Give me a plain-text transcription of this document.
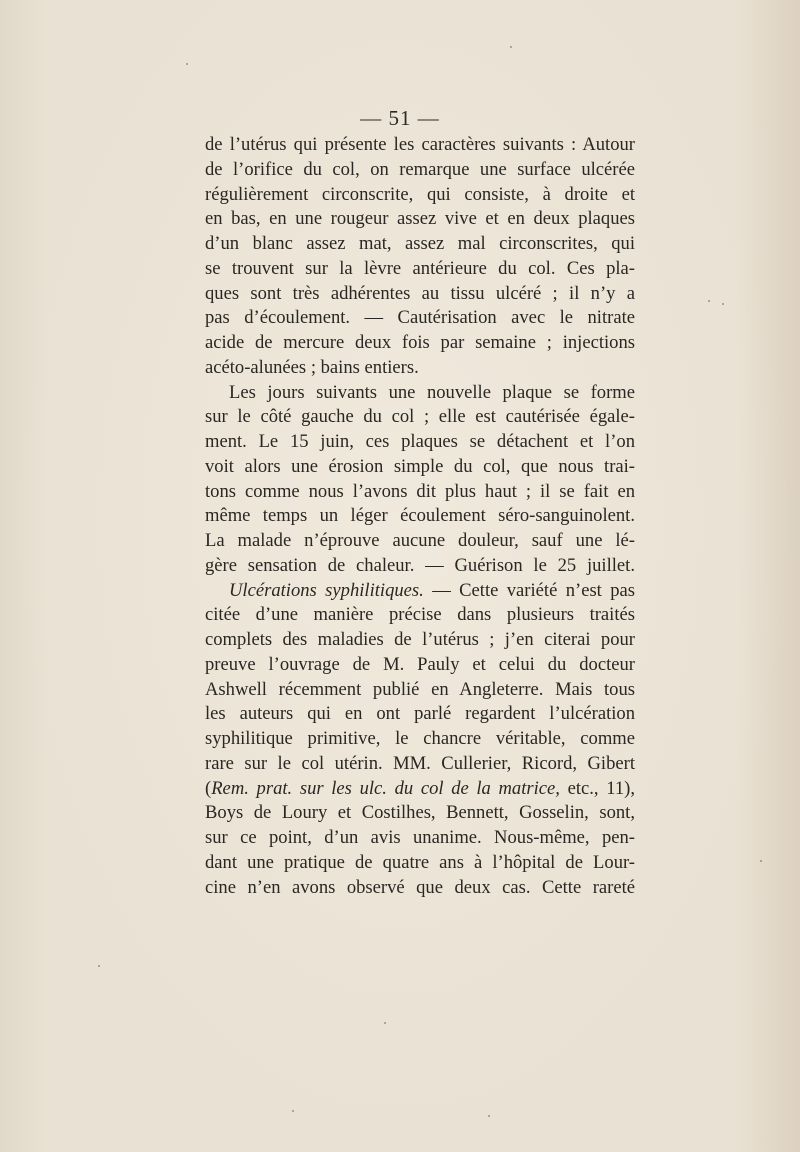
— 51 —
de l’utérus qui présente les caractères suivants : Autour
de l’orifice du col, on remarque une surface ulcérée
régulièrement circonscrite, qui consiste, à droite et
en bas, en une rougeur assez vive et en deux plaques
d’un blanc assez mat, assez mal circonscrites, qui
se trouvent sur la lèvre antérieure du col. Ces pla-
ques sont très adhérentes au tissu ulcéré ; il n’y a
pas d’écoulement. — Cautérisation avec le nitrate
acide de mercure deux fois par semaine ; injections
acéto-alunées ; bains entiers.
Les jours suivants une nouvelle plaque se forme
sur le côté gauche du col ; elle est cautérisée égale-
ment. Le 15 juin, ces plaques se détachent et l’on
voit alors une érosion simple du col, que nous trai-
tons comme nous l’avons dit plus haut ; il se fait en
même temps un léger écoulement séro-sanguinolent.
La malade n’éprouve aucune douleur, sauf une lé-
gère sensation de chaleur. — Guérison le 25 juillet.
Ulcérations syphilitiques. — Cette variété n’est pas
citée d’une manière précise dans plusieurs traités
complets des maladies de l’utérus ; j’en citerai pour
preuve l’ouvrage de M. Pauly et celui du docteur
Ashwell récemment publié en Angleterre. Mais tous
les auteurs qui en ont parlé regardent l’ulcération
syphilitique primitive, le chancre véritable, comme
rare sur le col utérin. MM. Cullerier, Ricord, Gibert
(Rem. prat. sur les ulc. du col de la matrice, etc., 11),
Boys de Loury et Costilhes, Bennett, Gosselin, sont,
sur ce point, d’un avis unanime. Nous-même, pen-
dant une pratique de quatre ans à l’hôpital de Lour-
cine n’en avons observé que deux cas. Cette rareté
